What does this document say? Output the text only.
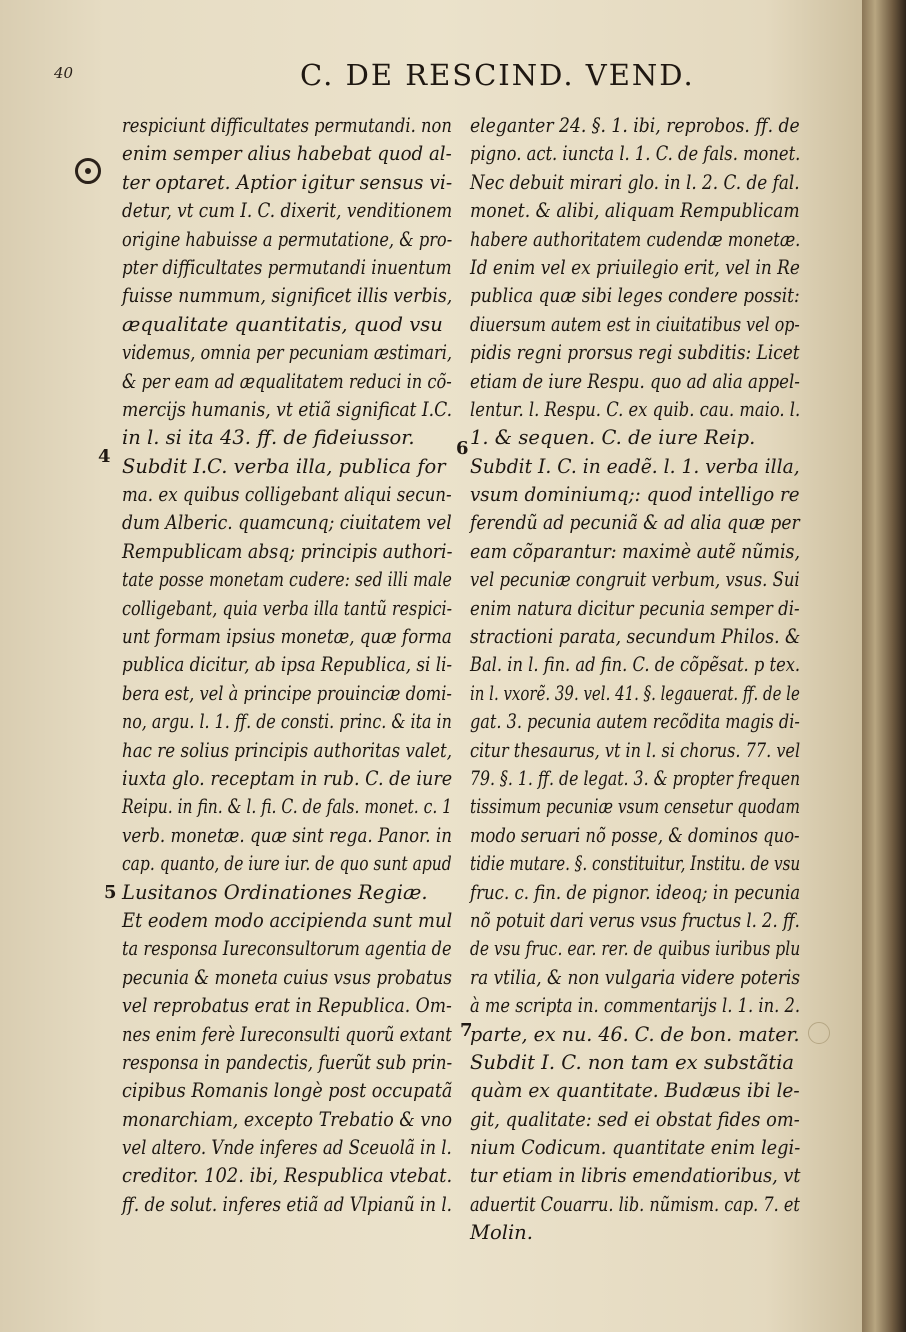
40	C. DE RESCIND. VEND.
4
5
6
7
respiciunt difficultates permutandi. non
enim semper alius habebat quod al-
ter optaret. Aptior igitur sensus vi-
detur, vt cum I. C. dixerit, venditionem
origine habuisse a permutatione, & pro-
pter difficultates permutandi inuentum
fuisse nummum, significet illis verbis,
æqualitate quantitatis, quod vsu
videmus, omnia per pecuniam æstimari,
& per eam ad æqualitatem reduci in cõ-
mercijs humanis, vt etiã significat I.C.
in l. si ita 43. ff. de fideiussor.
Subdit I.C. verba illa, publica for
ma. ex quibus colligebant aliqui secun-
dum Alberic. quamcunq; ciuitatem vel
Rempublicam absq; principis authori-
tate posse monetam cudere: sed illi male
colligebant, quia verba illa tantũ respici-
unt formam ipsius monetæ, quæ forma
publica dicitur, ab ipsa Republica, si li-
bera est, vel à principe prouinciæ domi-
no, argu. l. 1. ff. de consti. princ. & ita in
hac re solius principis authoritas valet,
iuxta glo. receptam in rub. C. de iure
Reipu. in fin. & l. fi. C. de fals. monet. c. 1
verb. monetæ. quæ sint rega. Panor. in
cap. quanto, de iure iur. de quo sunt apud
Lusitanos Ordinationes Regiæ.
Et eodem modo accipienda sunt mul
ta responsa Iureconsultorum agentia de
pecunia & moneta cuius vsus probatus
vel reprobatus erat in Republica. Om-
nes enim ferè Iureconsulti quorũ extant
responsa in pandectis, fuerũt sub prin-
cipibus Romanis longè post occupatã
monarchiam, excepto Trebatio & vno
vel altero. Vnde inferes ad Sceuolã in l.
creditor. 102. ibi, Respublica vtebat.
ff. de solut. inferes etiã ad Vlpianũ in l.
eleganter 24. §. 1. ibi, reprobos. ff. de
pigno. act. iuncta l. 1. C. de fals. monet.
Nec debuit mirari glo. in l. 2. C. de fal.
monet. & alibi, aliquam Rempublicam
habere authoritatem cudendæ monetæ.
Id enim vel ex priuilegio erit, vel in Re
publica quæ sibi leges condere possit:
diuersum autem est in ciuitatibus vel op-
pidis regni prorsus regi subditis: Licet
etiam de iure Respu. quo ad alia appel-
lentur. l. Respu. C. ex quib. cau. maio. l.
1. & sequen. C. de iure Reip.
Subdit I. C. in eadẽ. l. 1. verba illa,
vsum dominiumq;: quod intelligo re
ferendũ ad pecuniã & ad alia quæ per
eam cõparantur: maximè autẽ nũmis,
vel pecuniæ congruit verbum, vsus. Sui
enim natura dicitur pecunia semper di-
stractioni parata, secundum Philos. &
Bal. in l. fin. ad fin. C. de cõpẽsat. p tex.
in l. vxorẽ. 39. vel. 41. §. legauerat. ff. de le
gat. 3. pecunia autem recõdita magis di-
citur thesaurus, vt in l. si chorus. 77. vel
79. §. 1. ff. de legat. 3. & propter frequen
tissimum pecuniæ vsum censetur quodam
modo seruari nõ posse, & dominos quo-
tidie mutare. §. constituitur, Institu. de vsu
fruc. c. fin. de pignor. ideoq; in pecunia
nõ potuit dari verus vsus fructus l. 2. ff.
de vsu fruc. ear. rer. de quibus iuribus plu
ra vtilia, & non vulgaria videre poteris
à me scripta in. commentarijs l. 1. in. 2.
parte, ex nu. 46. C. de bon. mater.
Subdit I. C. non tam ex substãtia
quàm ex quantitate. Budæus ibi le-
git, qualitate: sed ei obstat fides om-
nium Codicum. quantitate enim legi-
tur etiam in libris emendatioribus, vt
aduertit Couarru. lib. nũmism. cap. 7. et
Molin.
